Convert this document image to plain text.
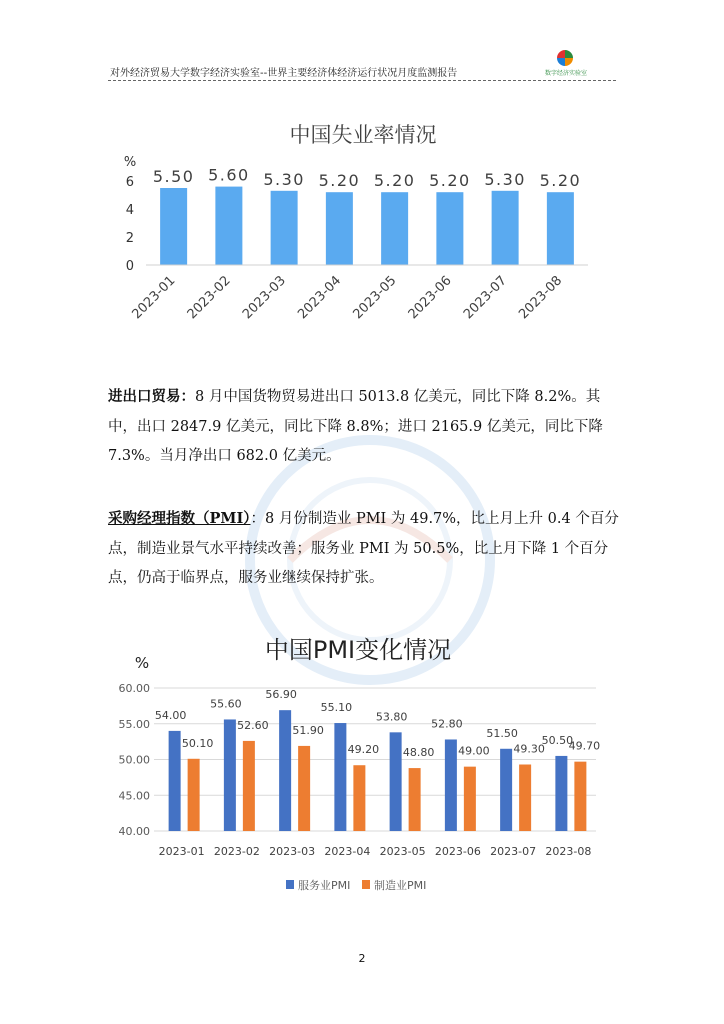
对外经济贸易大学数字经济实验室--世界主要经济体经济运行状况月度监测报告	数字经济实验室
中国失业率情况
%
0
2
4
6 5.50 5.60 5.30 5.20 5.20 5.20 5.30 5.20
2023-01 2023-02 2023-03 2023-04 2023-05 2023-06 2023-07 2023-08
进出口贸易：8 月中国货物贸易进出口 5013.8 亿美元，同比下降 8.2%。其中，出口 2847.9 亿美元，同比下降 8.8%；进口 2165.9 亿美元，同比下降 7.3%。当月净出口 682.0 亿美元。
采购经理指数（PMI）：8 月份制造业 PMI 为 49.7%，比上月上升 0.4 个百分点，制造业景气水平持续改善；服务业 PMI 为 50.5%，比上月下降 1 个百分点，仍高于临界点，服务业继续保持扩张。
中国PMI变化情况
%
40.00
45.00
50.00
55.00
60.00
54.00
50.10
55.60
52.60
56.90
51.90
55.10
49.20
53.80
48.80
52.80
49.00
51.50
49.30
50.50
49.70
2023-01 2023-02 2023-03 2023-04 2023-05 2023-06 2023-07 2023-08
服务业PMI 制造业PMI
2
